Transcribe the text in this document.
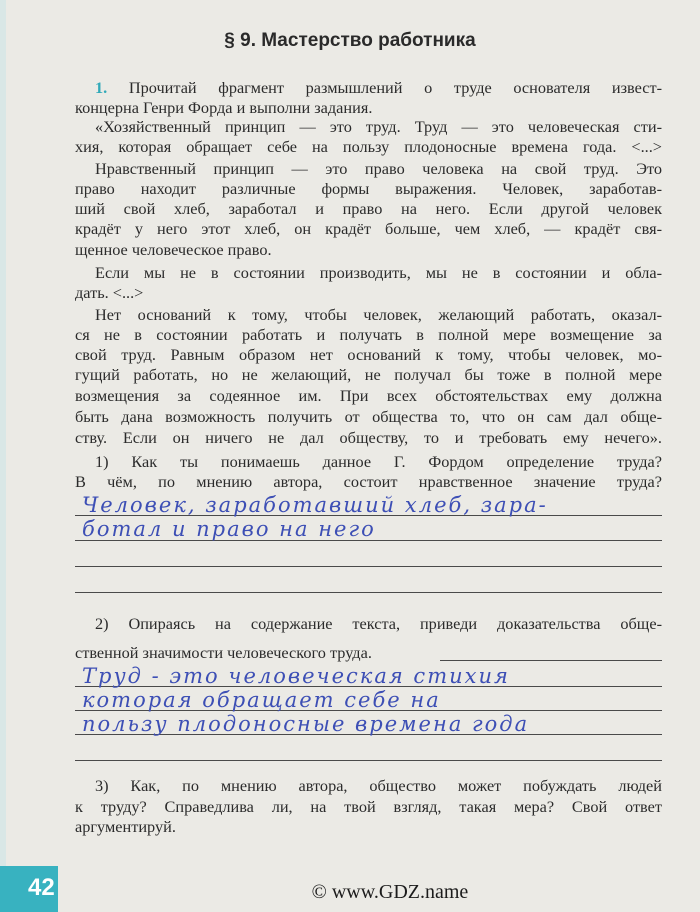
§ 9. Мастерство работника
1. Прочитай фрагмент размышлений о труде основателя извест-
концерна Генри Форда и выполни задания.
«Хозяйственный принцип — это труд. Труд — это человеческая сти-
хия, которая обращает себе на пользу плодоносные времена года. <...>
Нравственный принцип — это право человека на свой труд. Это
право находит различные формы выражения. Человек, заработав-
ший свой хлеб, заработал и право на него. Если другой человек
крадёт у него этот хлеб, он крадёт больше, чем хлеб, — крадёт свя-
щенное человеческое право.
Если мы не в состоянии производить, мы не в состоянии и обла-
дать. <...>
Нет оснований к тому, чтобы человек, желающий работать, оказал-
ся не в состоянии работать и получать в полной мере возмещение за
свой труд. Равным образом нет оснований к тому, чтобы человек, мо-
гущий работать, но не желающий, не получал бы тоже в полной мере
возмещения за содеянное им. При всех обстоятельствах ему должна
быть дана возможность получить от общества то, что он сам дал обще-
ству. Если он ничего не дал обществу, то и требовать ему нечего».
1) Как ты понимаешь данное Г. Фордом определение труда?
В чём, по мнению автора, состоит нравственное значение труда?
2) Опираясь на содержание текста, приведи доказательства обще-
ственной значимости человеческого труда.
3) Как, по мнению автора, общество может побуждать людей
к труду? Справедлива ли, на твой взгляд, такая мера? Свой ответ
аргументируй.
Человек, заработавший хлеб, зара-
ботал и право на него
Труд - это человеческая стихия
которая обращает себе на
пользу плодоносные времена года
42	© www.GDZ.name
